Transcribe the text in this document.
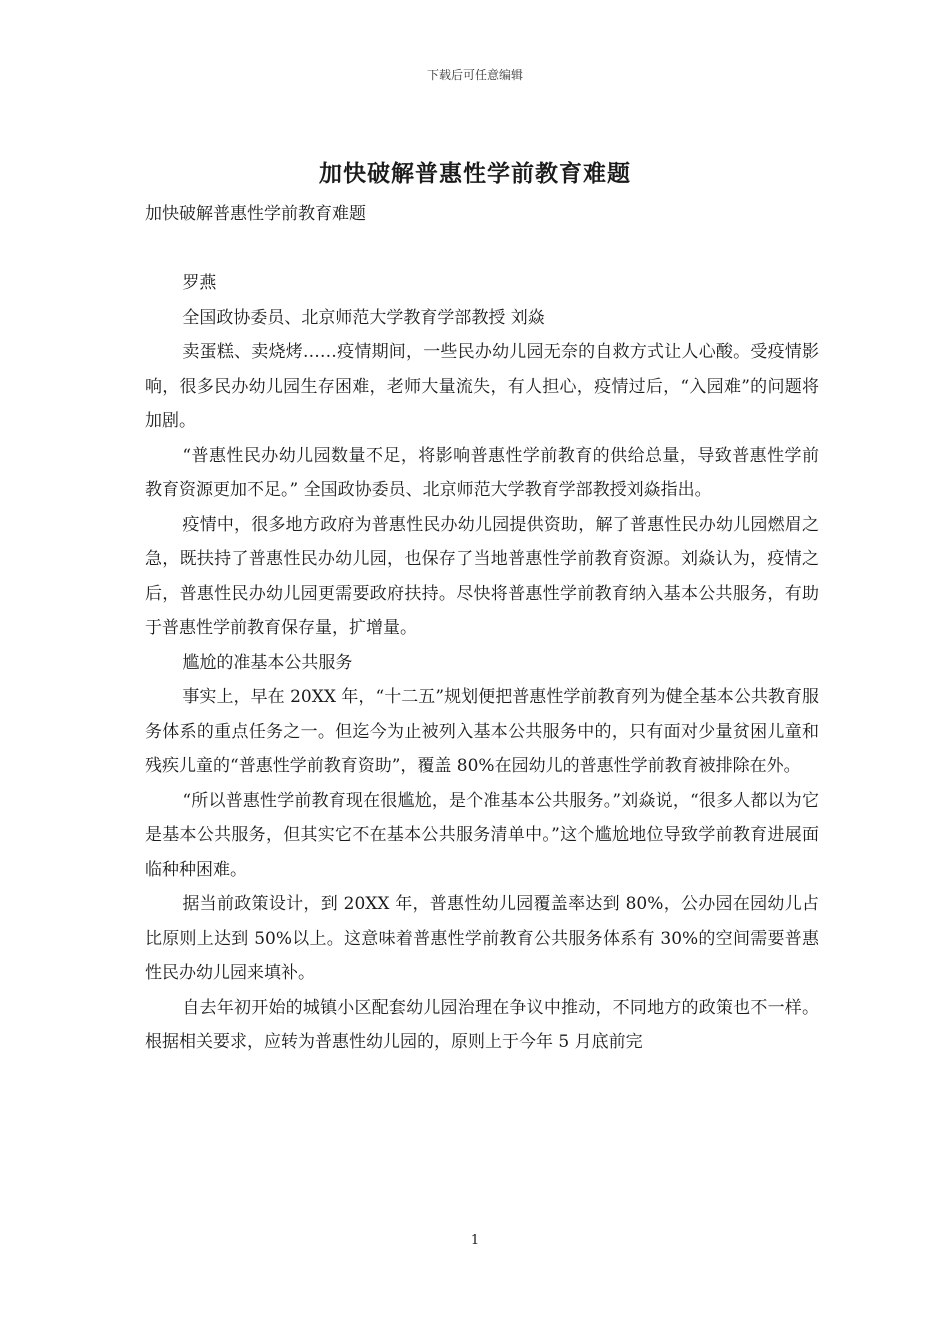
下载后可任意编辑
加快破解普惠性学前教育难题

加快破解普惠性学前教育难题

罗燕

全国政协委员、北京师范大学教育学部教授 刘焱

卖蛋糕、卖烧烤……疫情期间，一些民办幼儿园无奈的自救方式让人心酸。受疫情影响，很多民办幼儿园生存困难，老师大量流失，有人担心，疫情过后，“入园难”的问题将加剧。

“普惠性民办幼儿园数量不足，将影响普惠性学前教育的供给总量，导致普惠性学前教育资源更加不足。” 全国政协委员、北京师范大学教育学部教授刘焱指出。

疫情中，很多地方政府为普惠性民办幼儿园提供资助，解了普惠性民办幼儿园燃眉之急，既扶持了普惠性民办幼儿园，也保存了当地普惠性学前教育资源。刘焱认为，疫情之后，普惠性民办幼儿园更需要政府扶持。尽快将普惠性学前教育纳入基本公共服务，有助于普惠性学前教育保存量，扩增量。

尴尬的准基本公共服务

事实上，早在 20XX 年，“十二五”规划便把普惠性学前教育列为健全基本公共教育服务体系的重点任务之一。但迄今为止被列入基本公共服务中的，只有面对少量贫困儿童和残疾儿童的“普惠性学前教育资助”，覆盖 80%在园幼儿的普惠性学前教育被排除在外。

“所以普惠性学前教育现在很尴尬，是个准基本公共服务。”刘焱说，“很多人都以为它是基本公共服务，但其实它不在基本公共服务清单中。”这个尴尬地位导致学前教育进展面临种种困难。

据当前政策设计，到 20XX 年，普惠性幼儿园覆盖率达到 80%，公办园在园幼儿占比原则上达到 50%以上。这意味着普惠性学前教育公共服务体系有 30%的空间需要普惠性民办幼儿园来填补。

自去年初开始的城镇小区配套幼儿园治理在争议中推动，不同地方的政策也不一样。根据相关要求，应转为普惠性幼儿园的，原则上于今年 5 月底前完

1
